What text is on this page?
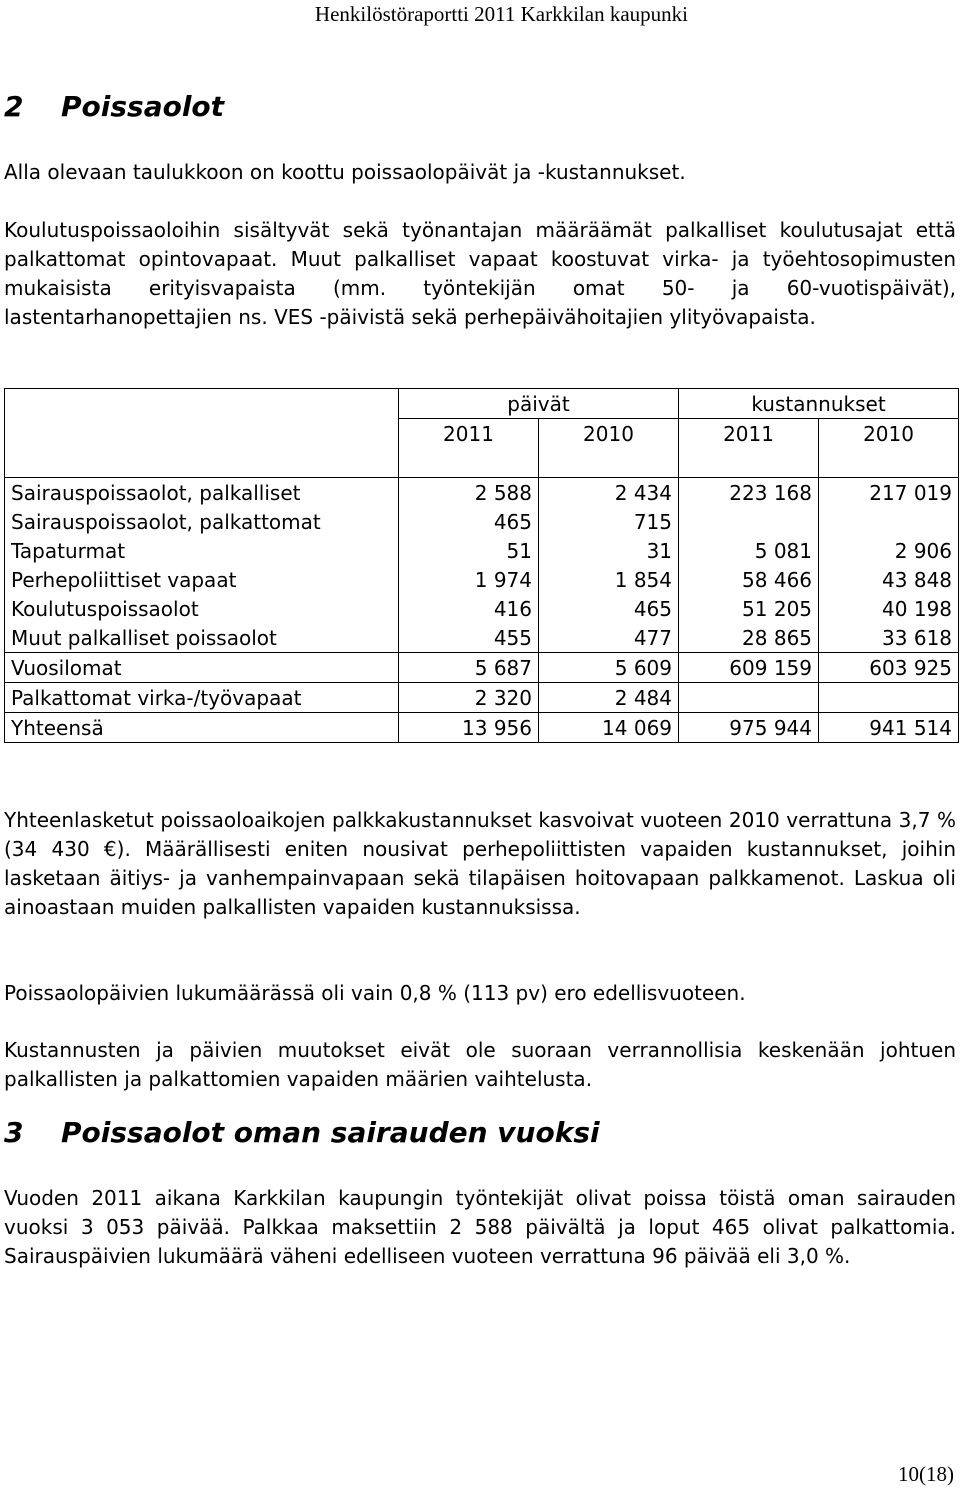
Henkilöstöraportti 2011 Karkkilan kaupunki
2 Poissaolot

Alla olevaan taulukkoon on koottu poissaolopäivät ja -kustannukset.

Koulutuspoissaoloihin sisältyvät sekä työnantajan määräämät palkalliset koulutusajat että palkattomat opintovapaat. Muut palkalliset vapaat koostuvat virka- ja työehtosopimusten mukaisista erityisvapaista (mm. työntekijän omat 50- ja 60-vuotispäivät), lastentarhanopettajien ns. VES -päivistä sekä perhepäivähoitajien ylityövapaista.

	päivät		kustannukset	
	2011	2010	2011	2010

Sairauspoissaolot, palkalliset	2 588	2 434	223 168	217 019
Sairauspoissaolot, palkattomat	465	715		
Tapaturmat	51	31	5 081	2 906
Perhepoliittiset vapaat	1 974	1 854	58 466	43 848
Koulutuspoissaolot	416	465	51 205	40 198
Muut palkalliset poissaolot	455	477	28 865	33 618
Vuosilomat	5 687	5 609	609 159	603 925
Palkattomat virka-/työvapaat	2 320	2 484		
Yhteensä	13 956	14 069	975 944	941 514

Yhteenlasketut poissaoloaikojen palkkakustannukset kasvoivat vuoteen 2010 verrattuna 3,7 % (34 430 €). Määrällisesti eniten nousivat perhepoliittisten vapaiden kustannukset, joihin lasketaan äitiys- ja vanhempainvapaan sekä tilapäisen hoitovapaan palkkamenot. Laskua oli ainoastaan muiden palkallisten vapaiden kustannuksissa.

Poissaolopäivien lukumäärässä oli vain 0,8 % (113 pv) ero edellisvuoteen.

Kustannusten ja päivien muutokset eivät ole suoraan verrannollisia keskenään johtuen palkallisten ja palkattomien vapaiden määrien vaihtelusta.

3 Poissaolot oman sairauden vuoksi

Vuoden 2011 aikana Karkkilan kaupungin työntekijät olivat poissa töistä oman sairauden vuoksi 3 053 päivää. Palkkaa maksettiin 2 588 päivältä ja loput 465 olivat palkattomia. Sairauspäivien lukumäärä väheni edelliseen vuoteen verrattuna 96 päivää eli 3,0 %.

10(18)
